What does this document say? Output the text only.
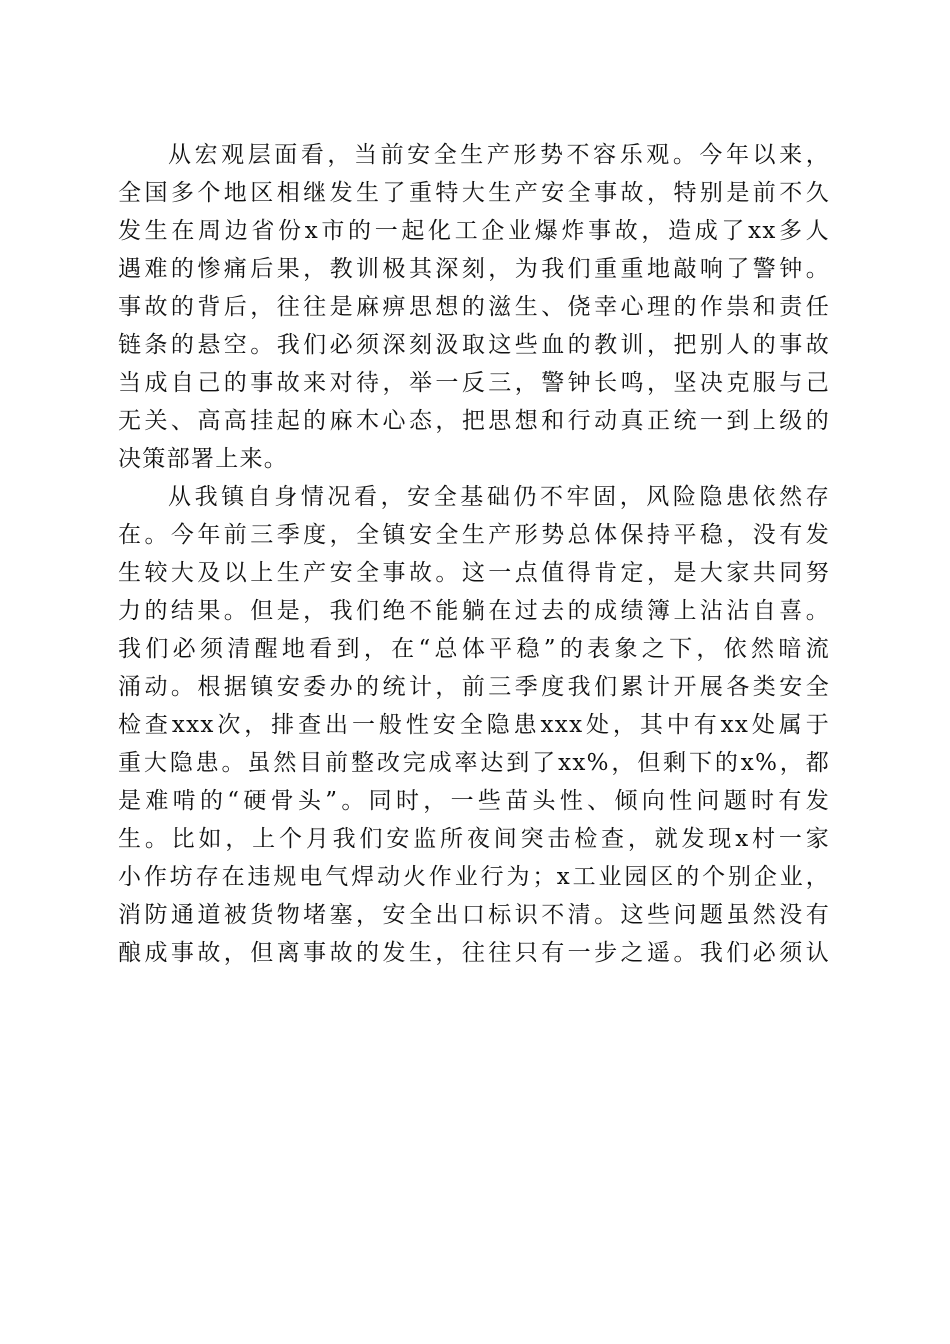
从宏观层面看，当前安全生产形势不容乐观。今年以来，
全国多个地区相继发生了重特大生产安全事故，特别是前不久
发生在周边省份x市的一起化工企业爆炸事故，造成了xx多人
遇难的惨痛后果，教训极其深刻，为我们重重地敲响了警钟。
事故的背后，往往是麻痹思想的滋生、侥幸心理的作祟和责任
链条的悬空。我们必须深刻汲取这些血的教训，把别人的事故
当成自己的事故来对待，举一反三，警钟长鸣，坚决克服与己
无关、高高挂起的麻木心态，把思想和行动真正统一到上级的
决策部署上来。
从我镇自身情况看，安全基础仍不牢固，风险隐患依然存
在。今年前三季度，全镇安全生产形势总体保持平稳，没有发
生较大及以上生产安全事故。这一点值得肯定，是大家共同努
力的结果。但是，我们绝不能躺在过去的成绩簿上沾沾自喜。
我们必须清醒地看到，在“总体平稳”的表象之下，依然暗流
涌动。根据镇安委办的统计，前三季度我们累计开展各类安全
检查xxx次，排查出一般性安全隐患xxx处，其中有xx处属于
重大隐患。虽然目前整改完成率达到了xx%，但剩下的x%，都
是难啃的“硬骨头”。同时，一些苗头性、倾向性问题时有发
生。比如，上个月我们安监所夜间突击检查，就发现x村一家
小作坊存在违规电气焊动火作业行为；x工业园区的个别企业，
消防通道被货物堵塞，安全出口标识不清。这些问题虽然没有
酿成事故，但离事故的发生，往往只有一步之遥。我们必须认
